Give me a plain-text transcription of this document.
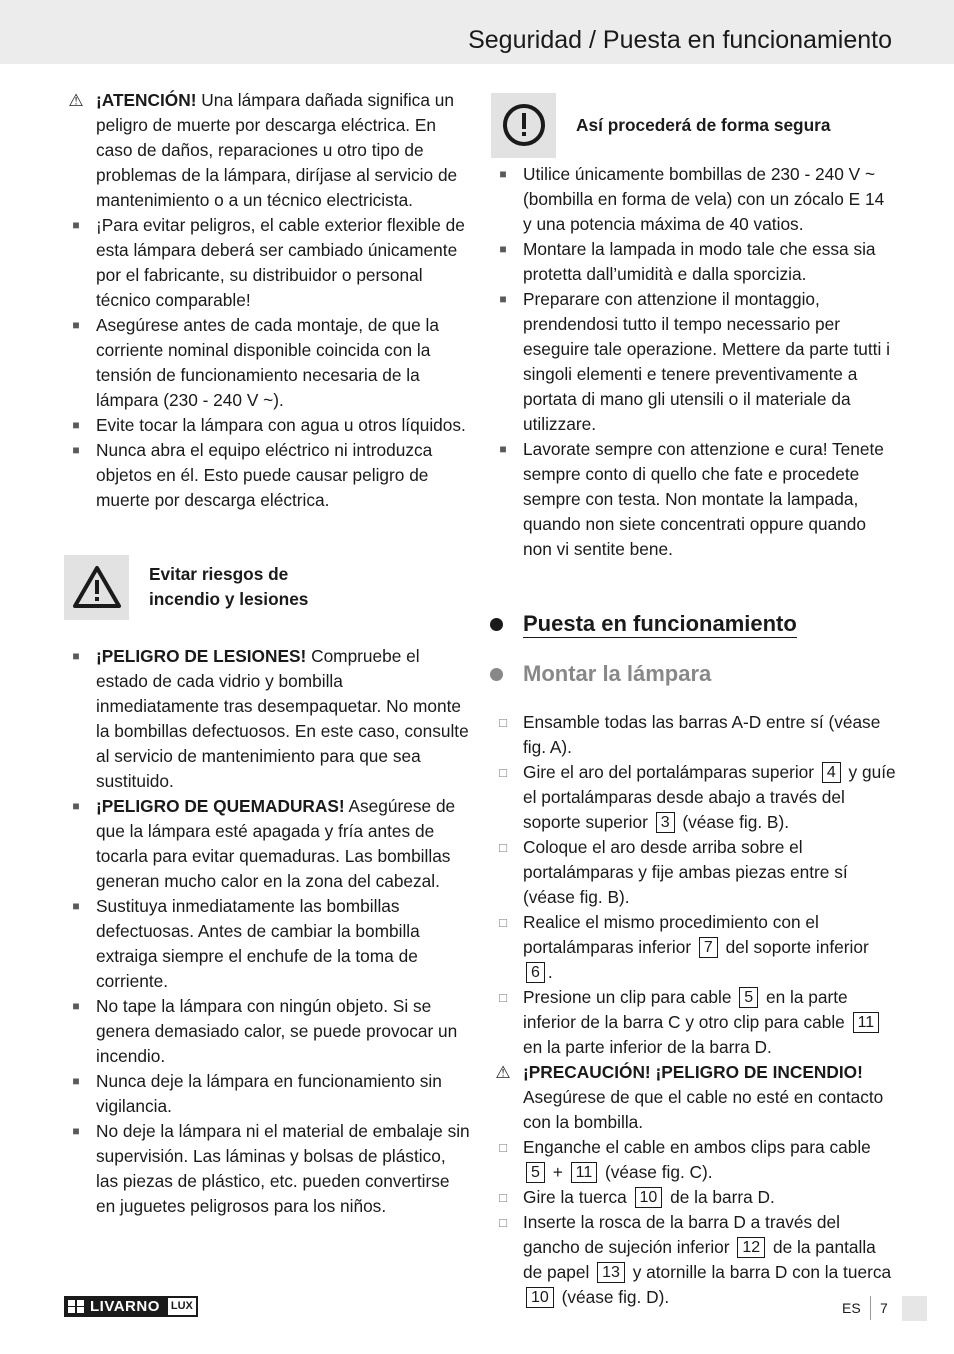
Seguridad / Puesta en funcionamiento

⚠ ¡ATENCIÓN! Una lámpara dañada significa un peligro de muerte por descarga eléctrica. En caso de daños, reparaciones u otro tipo de problemas de la lámpara, diríjase al servicio de mantenimiento o a un técnico electricista.

■ ¡Para evitar peligros, el cable exterior flexible de esta lámpara deberá ser cambiado únicamente por el fabricante, su distribuidor o personal técnico comparable!

■ Asegúrese antes de cada montaje, de que la corriente nominal disponible coincida con la tensión de funcionamiento necesaria de la lámpara (230 - 240 V ~).

■ Evite tocar la lámpara con agua u otros líquidos.

■ Nunca abra el equipo eléctrico ni introduzca objetos en él. Esto puede causar peligro de muerte por descarga eléctrica.

Evitar riesgos de
incendio y lesiones

■ ¡PELIGRO DE LESIONES! Compruebe el estado de cada vidrio y bombilla inmediatamente tras desempaquetar. No monte la bombillas defectuosos. En este caso, consulte al servicio de mantenimiento para que sea sustituido.

■ ¡PELIGRO DE QUEMADURAS! Asegúrese de que la lámpara esté apagada y fría antes de tocarla para evitar quemaduras. Las bombillas generan mucho calor en la zona del cabezal.

■ Sustituya inmediatamente las bombillas defectuosas. Antes de cambiar la bombilla extraiga siempre el enchufe de la toma de corriente.

■ No tape la lámpara con ningún objeto. Si se genera demasiado calor, se puede provocar un incendio.

■ Nunca deje la lámpara en funcionamiento sin vigilancia.

■ No deje la lámpara ni el material de embalaje sin supervisión. Las láminas y bolsas de plástico, las piezas de plástico, etc. pueden convertirse en juguetes peligrosos para los niños.

Así procederá de forma segura

■ Utilice únicamente bombillas de 230 - 240 V ~ (bombilla en forma de vela) con un zócalo E 14 y una potencia máxima de 40 vatios.

■ Montare la lampada in modo tale che essa sia protetta dall’umidità e dalla sporcizia.

■ Preparare con attenzione il montaggio, prendendosi tutto il tempo necessario per eseguire tale operazione. Mettere da parte tutti i singoli elementi e tenere preventivamente a portata di mano gli utensili o il materiale da utilizzare.

■ Lavorate sempre con attenzione e cura! Tenete sempre conto di quello che fate e procedete sempre con testa. Non montate la lampada, quando non siete concentrati oppure quando non vi sentite bene.

Puesta en funcionamiento
Montar la lámpara

□ Ensamble todas las barras A-D entre sí (véase fig. A).

□ Gire el aro del portalámparas superior 4 y guíe el portalámparas desde abajo a través del soporte superior 3 (véase fig. B).

□ Coloque el aro desde arriba sobre el portalámparas y fije ambas piezas entre sí (véase fig. B).

□ Realice el mismo procedimiento con el portalámparas inferior 7 del soporte inferior 6 .

□ Presione un clip para cable 5 en la parte inferior de la barra C y otro clip para cable 11 en la parte inferior de la barra D.

⚠ ¡PRECAUCIÓN! ¡PELIGRO DE INCENDIO! Asegúrese de que el cable no esté en contacto con la bombilla.

□ Enganche el cable en ambos clips para cable 5 + 11 (véase fig. C).

□ Gire la tuerca 10 de la barra D.

□ Inserte la rosca de la barra D a través del gancho de sujeción inferior 12 de la pantalla de papel 13 y atornille la barra D con la tuerca 10 (véase fig. D).

LIVARNO	LUX	ES 7
